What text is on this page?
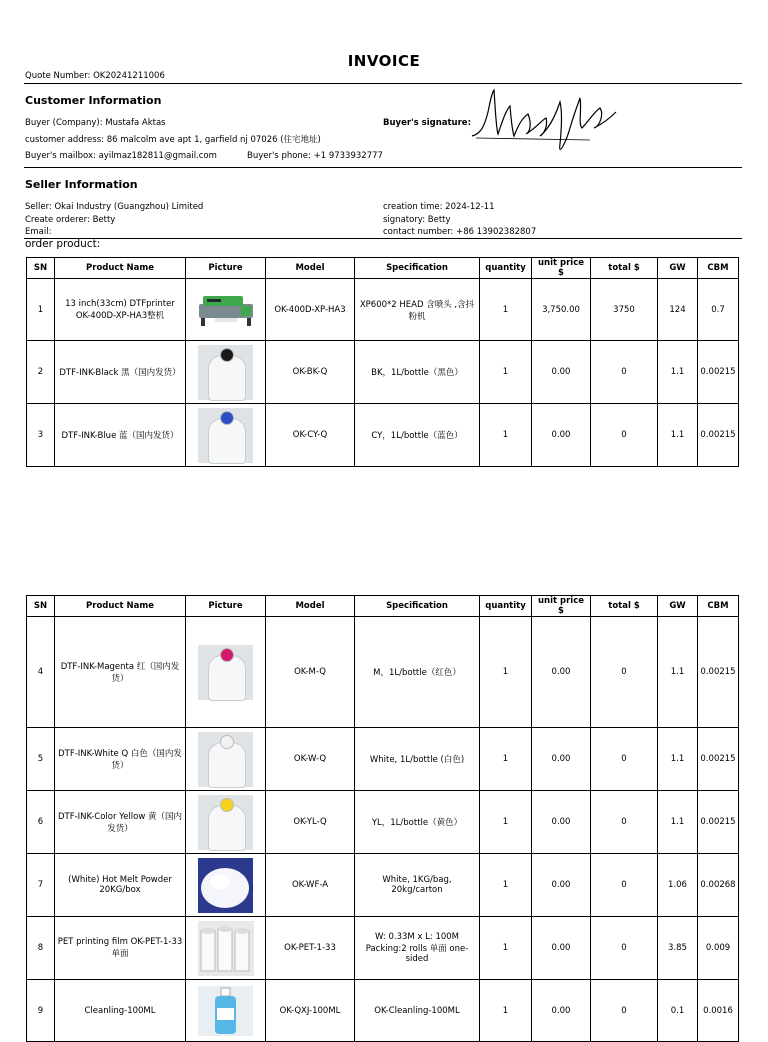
INVOICE
Quote Number: OK20241211006
Customer Information
Buyer (Company): Mustafa Aktas
customer address: 86 malcolm ave apt 1, garfield nj 07026 (住宅地址)
Buyer's mailbox: ayilmaz182811@gmail.com	Buyer's phone: +1 9733932777
Buyer's signature:
Seller Information
Seller: Okai Industry (Guangzhou) Limited
Create orderer: Betty
Email:
creation time: 2024-12-11
signatory: Betty
contact number: +86 13902382807
order product:
SN	Product Name	Picture	Model	Specification	quantity	unit price $	total $	GW	CBM
1	13 inch(33cm) DTFprinter OK-400D-XP-HA3整机		OK-400D-XP-HA3	XP600*2 HEAD 含喷头 ,含抖粉机	1	3,750.00	3750	124	0.7
2	DTF-INK-Black 黑（国内发货）		OK-BK-Q	BK，1L/bottle（黑色）	1	0.00	0	1.1	0.00215
3	DTF-INK-Blue 蓝（国内发货）		OK-CY-Q	CY，1L/bottle（蓝色）	1	0.00	0	1.1	0.00215
SN	Product Name	Picture	Model	Specification	quantity	unit price $	total $	GW	CBM
4	DTF-INK-Magenta 红（国内发货）		OK-M-Q	M，1L/bottle（红色）	1	0.00	0	1.1	0.00215
5	DTF-INK-White Q 白色（国内发货）		OK-W-Q	White, 1L/bottle (白色)	1	0.00	0	1.1	0.00215
6	DTF-INK-Color Yellow 黄（国内发货）		OK-YL-Q	YL，1L/bottle（黄色）	1	0.00	0	1.1	0.00215
7	(White) Hot Melt Powder 20KG/box		OK-WF-A	White, 1KG/bag, 20kg/carton	1	0.00	0	1.06	0.00268
8	PET printing film OK-PET-1-33 单面		OK-PET-1-33	W: 0.33M x L: 100M Packing:2 rolls 单面 one-sided	1	0.00	0	3.85	0.009
9	Cleanling-100ML		OK-QXJ-100ML	OK-Cleanling-100ML	1	0.00	0	0.1	0.0016
